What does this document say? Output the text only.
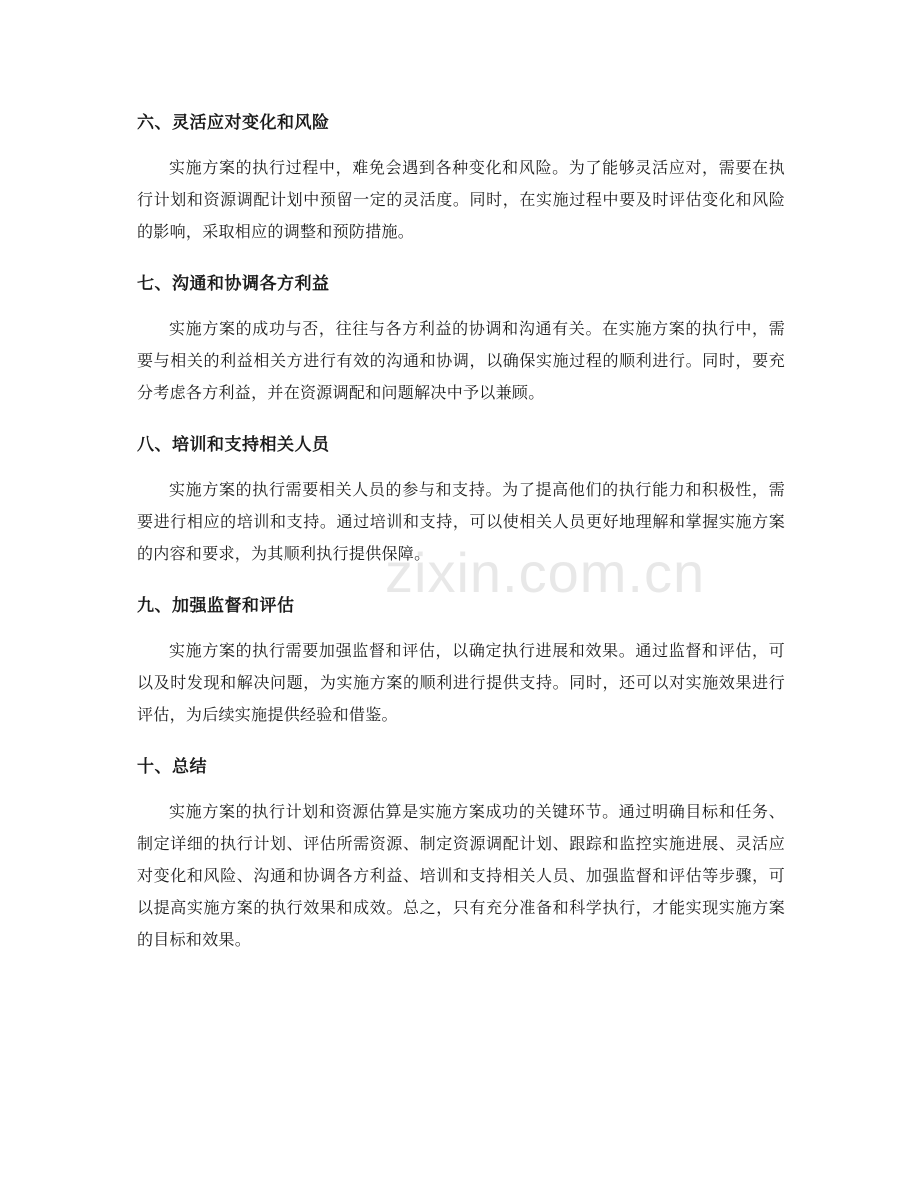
六、灵活应对变化和风险

实施方案的执行过程中，难免会遇到各种变化和风险。为了能够灵活应对，需要在执行计划和资源调配计划中预留一定的灵活度。同时，在实施过程中要及时评估变化和风险的影响，采取相应的调整和预防措施。

七、沟通和协调各方利益

实施方案的成功与否，往往与各方利益的协调和沟通有关。在实施方案的执行中，需要与相关的利益相关方进行有效的沟通和协调，以确保实施过程的顺利进行。同时，要充分考虑各方利益，并在资源调配和问题解决中予以兼顾。

八、培训和支持相关人员

实施方案的执行需要相关人员的参与和支持。为了提高他们的执行能力和积极性，需要进行相应的培训和支持。通过培训和支持，可以使相关人员更好地理解和掌握实施方案的内容和要求，为其顺利执行提供保障。

九、加强监督和评估

实施方案的执行需要加强监督和评估，以确定执行进展和效果。通过监督和评估，可以及时发现和解决问题，为实施方案的顺利进行提供支持。同时，还可以对实施效果进行评估，为后续实施提供经验和借鉴。

十、总结

实施方案的执行计划和资源估算是实施方案成功的关键环节。通过明确目标和任务、制定详细的执行计划、评估所需资源、制定资源调配计划、跟踪和监控实施进展、灵活应对变化和风险、沟通和协调各方利益、培训和支持相关人员、加强监督和评估等步骤，可以提高实施方案的执行效果和成效。总之，只有充分准备和科学执行，才能实现实施方案的目标和效果。

zixin.com.cn
